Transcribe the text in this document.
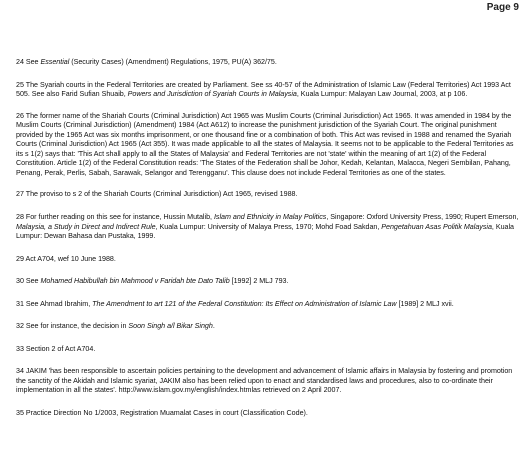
Page 9

24 See Essential (Security Cases) (Amendment) Regulations, 1975, PU(A) 362/75.

25 The Syariah courts in the Federal Territories are created by Parliament. See ss 40-57 of the Administration of Islamic Law (Federal Territories) Act 1993 Act 505. See also Farid Sufian Shuaib, Powers and Jurisdiction of Syariah Courts in Malaysia, Kuala Lumpur: Malayan Law Journal, 2003, at p 106.

26 The former name of the Shariah Courts (Criminal Jurisdiction) Act 1965 was Muslim Courts (Criminal Jurisdiction) Act 1965. It was amended in 1984 by the Muslim Courts (Criminal Jurisdiction) (Amendment) 1984 (Act A612) to increase the punishment jurisdiction of the Syariah Court. The original punishment provided by the 1965 Act was six months imprisonment, or one thousand fine or a combination of both. This Act was revised in 1988 and renamed the Syariah Courts (Criminal Jurisdiction) Act 1965 (Act 355). It was made applicable to all the states of Malaysia. It seems not to be applicable to the Federal Territories as its s 1(2) says that: 'This Act shall apply to all the States of Malaysia' and Federal Territories are not 'state' within the meaning of art 1(2) of the Federal Constitution. Article 1(2) of the Federal Constitution reads: 'The States of the Federation shall be Johor, Kedah, Kelantan, Malacca, Negeri Sembilan, Pahang, Penang, Perak, Perlis, Sabah, Sarawak, Selangor and Terengganu'. This clause does not include Federal Territories as one of the states.

27 The proviso to s 2 of the Shariah Courts (Criminal Jurisdiction) Act 1965, revised 1988.

28 For further reading on this see for instance, Hussin Mutalib, Islam and Ethnicity in Malay Politics, Singapore: Oxford University Press, 1990; Rupert Emerson, Malaysia, a Study in Direct and Indirect Rule, Kuala Lumpur: University of Malaya Press, 1970; Mohd Foad Sakdan, Pengetahuan Asas Politik Malaysia, Kuala Lumpur: Dewan Bahasa dan Pustaka, 1999.

29 Act A704, wef 10 June 1988.

30 See Mohamed Habibullah bin Mahmood v Faridah bte Dato Talib [1992] 2 MLJ 793.

31 See Ahmad Ibrahim, The Amendment to art 121 of the Federal Constitution: Its Effect on Administration of Islamic Law [1989] 2 MLJ xvii.

32 See for instance, the decision in Soon Singh a/l Bikar Singh.

33 Section 2 of Act A704.

34 JAKIM 'has been responsible to ascertain policies pertaining to the development and advancement of Islamic affairs in Malaysia by fostering and promotion the sanctity of the Akidah and Islamic syariat, JAKIM also has been relied upon to enact and standardised laws and procedures, also to co-ordinate their implementation in all the states'. http://www.islam.gov.my/english/index.htmlas retrieved on 2 April 2007.

35 Practice Direction No 1/2003, Registration Muamalat Cases in court (Classification Code).
